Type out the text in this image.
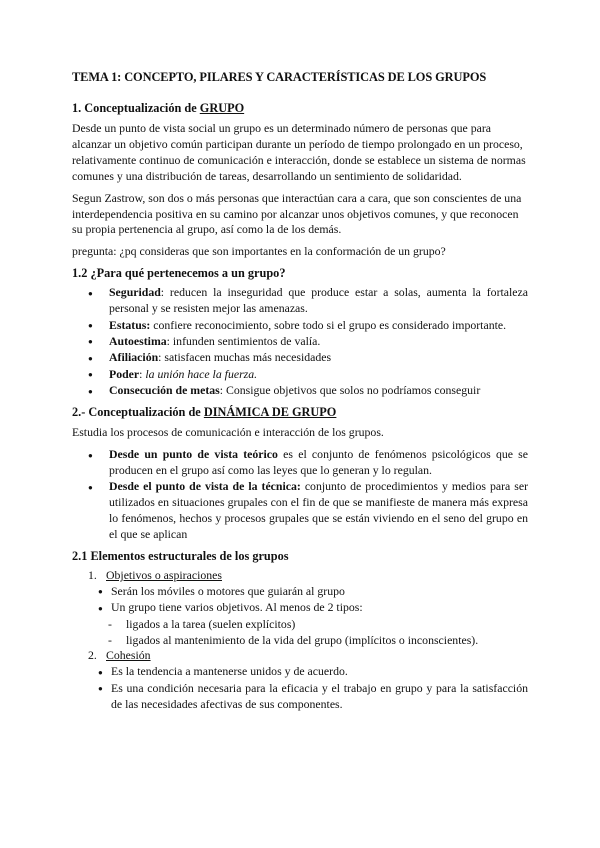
TEMA 1: CONCEPTO, PILARES Y CARACTERÍSTICAS DE LOS GRUPOS
1. Conceptualización de GRUPO

Desde un punto de vista social un grupo es un determinado número de personas que para alcanzar un objetivo común participan durante un período de tiempo prolongado en un proceso, relativamente continuo de comunicación e interacción, donde se establece un sistema de normas comunes y una distribución de tareas, desarrollando un sentimiento de solidaridad.

Segun Zastrow, son dos o más personas que interactúan cara a cara, que son conscientes de una interdependencia positiva en su camino por alcanzar unos objetivos comunes, y que reconocen su propia pertenencia al grupo, así como la de los demás.

pregunta: ¿pq consideras que son importantes en la conformación de un grupo?

1.2 ¿Para qué pertenecemos a un grupo?
● Seguridad: reducen la inseguridad que produce estar a solas, aumenta la fortaleza personal y se resisten mejor las amenazas.
● Estatus: confiere reconocimiento, sobre todo si el grupo es considerado importante.
● Autoestima: infunden sentimientos de valía.
● Afiliación: satisfacen muchas más necesidades
● Poder: la unión hace la fuerza.
● Consecución de metas: Consigue objetivos que solos no podríamos conseguir
2.- Conceptualización de DINÁMICA DE GRUPO

Estudia los procesos de comunicación e interacción de los grupos.

● Desde un punto de vista teórico es el conjunto de fenómenos psicológicos que se producen en el grupo así como las leyes que lo generan y lo regulan.
● Desde el punto de vista de la técnica: conjunto de procedimientos y medios para ser utilizados en situaciones grupales con el fin de que se manifieste de manera más expresa lo fenómenos, hechos y procesos grupales que se están viviendo en el seno del grupo en el que se aplican
2.1 Elementos estructurales de los grupos
1. Objetivos o aspiraciones
● Serán los móviles o motores que guiarán al grupo
● Un grupo tiene varios objetivos. Al menos de 2 tipos:
- ligados a la tarea (suelen explícitos)
- ligados al mantenimiento de la vida del grupo (implícitos o inconscientes).
2. Cohesión
● Es la tendencia a mantenerse unidos y de acuerdo.
● Es una condición necesaria para la eficacia y el trabajo en grupo y para la satisfacción de las necesidades afectivas de sus componentes.
